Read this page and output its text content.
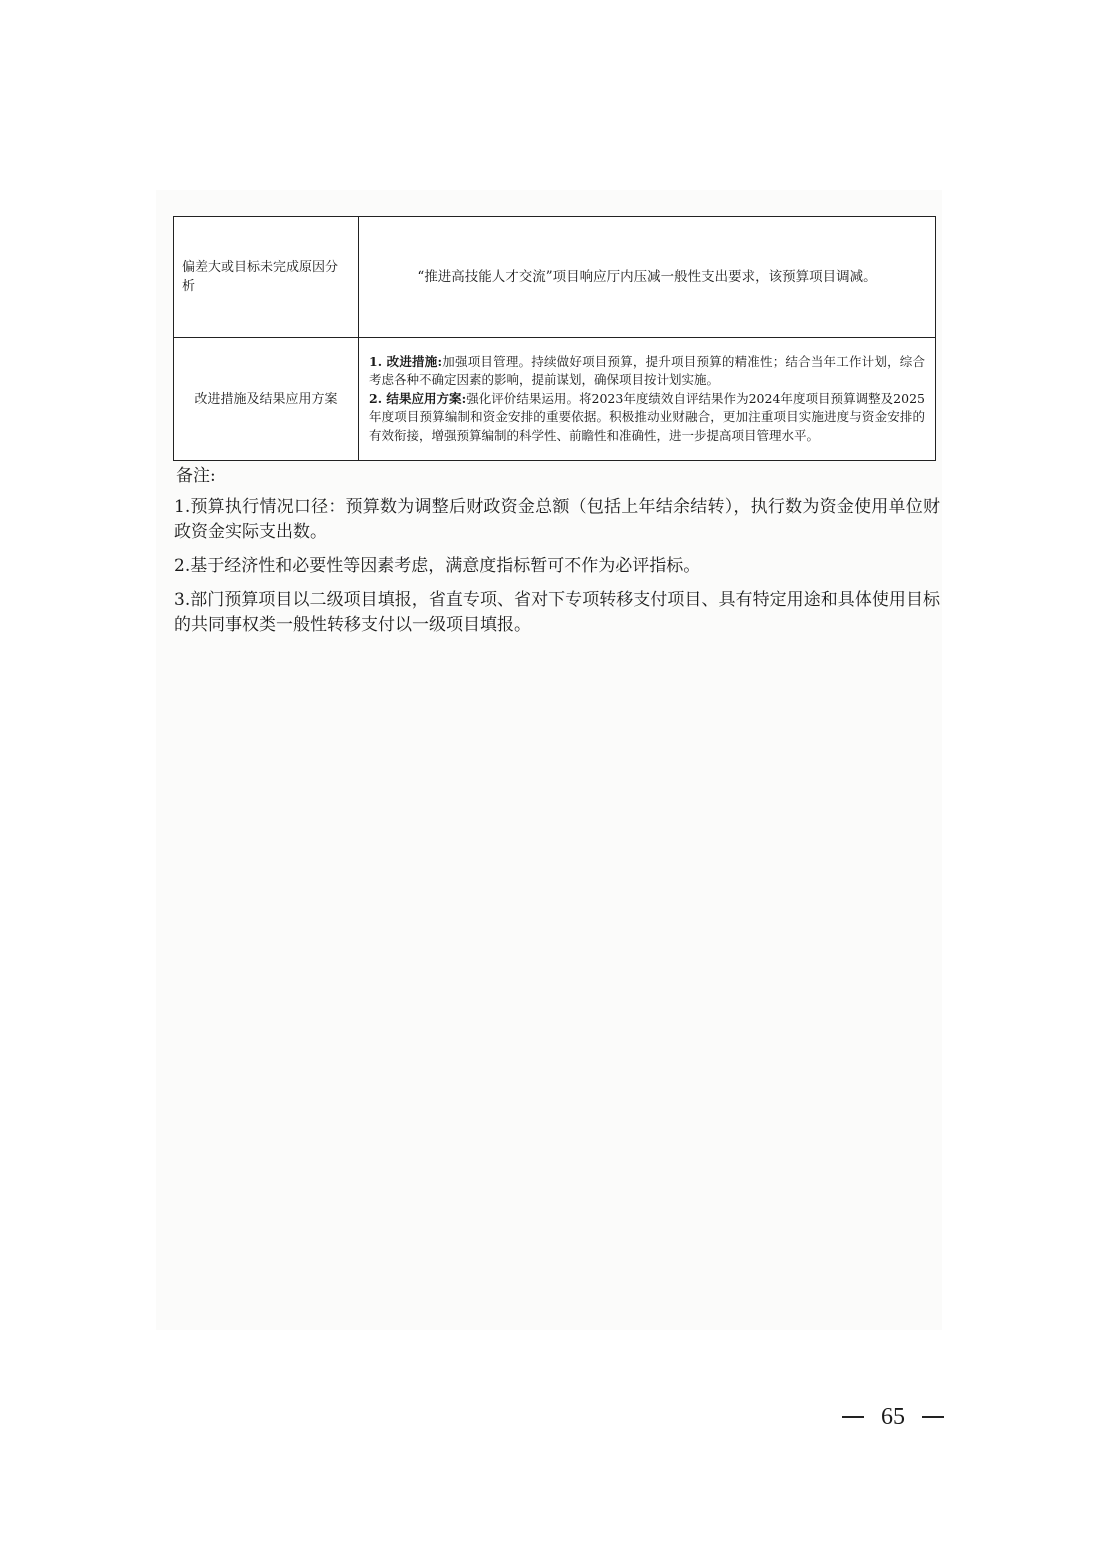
偏差大或目标未完成原因分析	“推进高技能人才交流”项目响应厅内压减一般性支出要求，该预算项目调减。
改进措施及结果应用方案	1. 改进措施:加强项目管理。持续做好项目预算，提升项目预算的精准性；结合当年工作计划，综合考虑各种不确定因素的影响，提前谋划，确保项目按计划实施。
2. 结果应用方案:强化评价结果运用。将2023年度绩效自评结果作为2024年度项目预算调整及2025年度项目预算编制和资金安排的重要依据。积极推动业财融合，更加注重项目实施进度与资金安排的有效衔接，增强预算编制的科学性、前瞻性和准确性，进一步提高项目管理水平。
备注:
1.预算执行情况口径：预算数为调整后财政资金总额（包括上年结余结转），执行数为资金使用单位财政资金实际支出数。
2.基于经济性和必要性等因素考虑，满意度指标暂可不作为必评指标。
3.部门预算项目以二级项目填报，省直专项、省对下专项转移支付项目、具有特定用途和具体使用目标的共同事权类一般性转移支付以一级项目填报。
65
